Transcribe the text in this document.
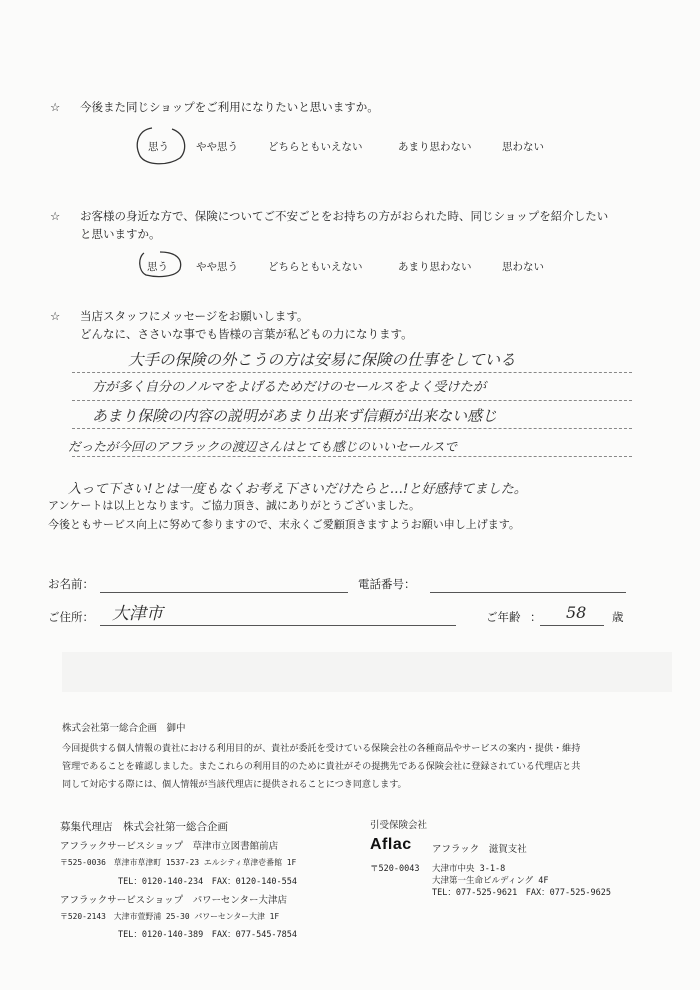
☆ 今後また同じショップをご利用になりたいと思いますか。
思う	やや思う	どちらともいえない	あまり思わない	思わない
☆ お客様の身近な方で、保険についてご不安ごとをお持ちの方がおられた時、同じショップを紹介したい
と思いますか。
思う	やや思う	どちらともいえない	あまり思わない	思わない
☆ 当店スタッフにメッセージをお願いします。
どんなに、ささいな事でも皆様の言葉が私どもの力になります。
大手の保険の外こうの方は安易に保険の仕事をしている
方が多く自分のノルマをよげるためだけのセールスをよく受けたが
あまり保険の内容の説明があまり出来ず信頼が出来ない感じ
だったが今回のアフラックの渡辺さんはとても感じのいいセールスで
入って下さい!とは一度もなくお考え下さいだけたらと…!と好感持てました。
アンケートは以上となります。ご協力頂き、誠にありがとうございました。
今後ともサービス向上に努めて参りますので、末永くご愛顧頂きますようお願い申し上げます。
お名前：	電話番号：
ご住所： 大津市	ご年齢 ： 58 歳
株式会社第一総合企画　御中
今回提供する個人情報の貴社における利用目的が、貴社が委託を受けている保険会社の各種商品やサービスの案内・提供・維持
管理であることを確認しました。またこれらの利用目的のために貴社がその提携先である保険会社に登録されている代理店と共
同して対応する際には、個人情報が当該代理店に提供されることにつき同意します。
募集代理店　株式会社第一総合企画
アフラックサービスショップ　草津市立図書館前店
〒525-0036　草津市草津町 1537-23 エルシティ草津壱番館 1F
TEL：0120-140-234　FAX：0120-140-554
アフラックサービスショップ　パワーセンター大津店
〒520-2143　大津市萱野浦 25-30 パワーセンター大津 1F
TEL：0120-140-389　FAX：077-545-7854
引受保険会社
Aflac アフラック　滋賀支社
〒520-0043 大津市中央 3-1-8
大津第一生命ビルディング 4F
TEL：077-525-9621　FAX：077-525-9625
